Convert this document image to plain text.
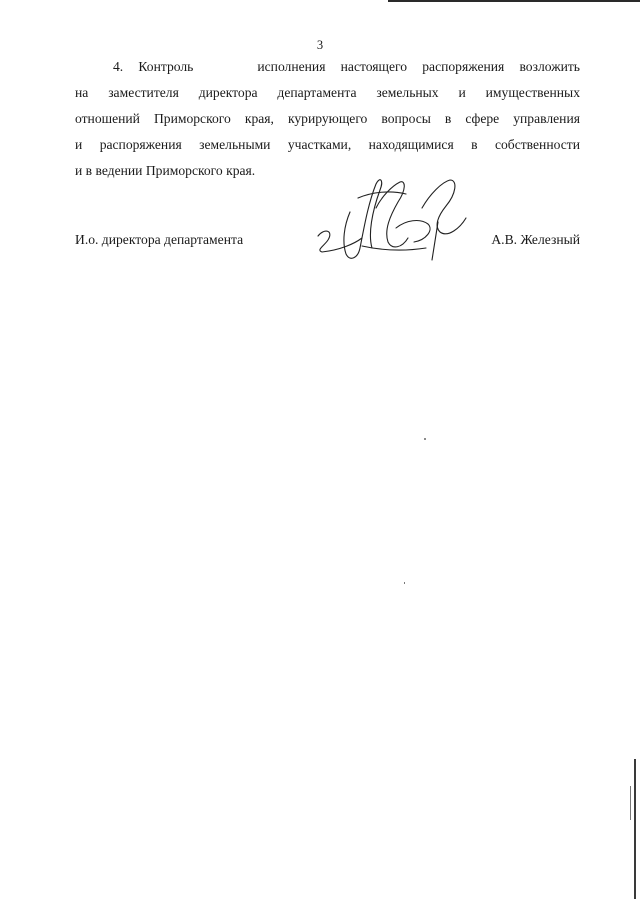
3
4. Контроль	исполнения настоящего распоряжения возложить
на заместителя директора департамента земельных и имущественных
отношений Приморского края, курирующего вопросы в сфере управления
и распоряжения земельными участками, находящимися в собственности
и в ведении Приморского края.
И.о. директора департамента	А.В. Железный
